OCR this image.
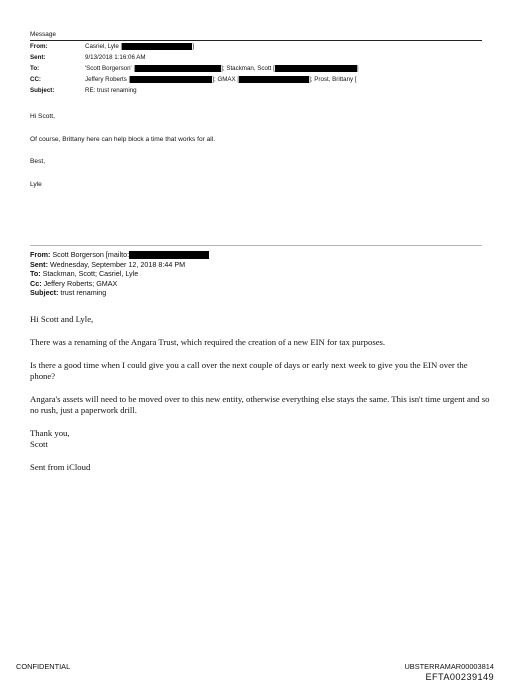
Message
From:	Casriel, Lyle [	]
Sent:	9/13/2018 1:16:06 AM
To:	'Scott Borgerson' [	]; Stackman, Scott [	]
CC:	Jeffery Roberts [	]; GMAX [	]; Prost, Brittany [
Subject:	RE: trust renaming
Hi Scott,
Of course, Brittany here can help block a time that works for all.
Best,
Lyle
From: Scott Borgerson [mailto:
Sent: Wednesday, September 12, 2018 8:44 PM
To: Stackman, Scott; Casriel, Lyle
Cc: Jeffery Roberts; GMAX
Subject: trust renaming
Hi Scott and Lyle,
There was a renaming of the Angara Trust, which required the creation of a new EIN for tax purposes.
Is there a good time when I could give you a call over the next couple of days or early next week to give you the EIN over the phone?
Angara's assets will need to be moved over to this new entity, otherwise everything else stays the same. This isn't time urgent and so no rush, just a paperwork drill.
Thank you,
Scott
Sent from iCloud
CONFIDENTIAL	UBSTERRAMAR00003814
EFTA00239149
